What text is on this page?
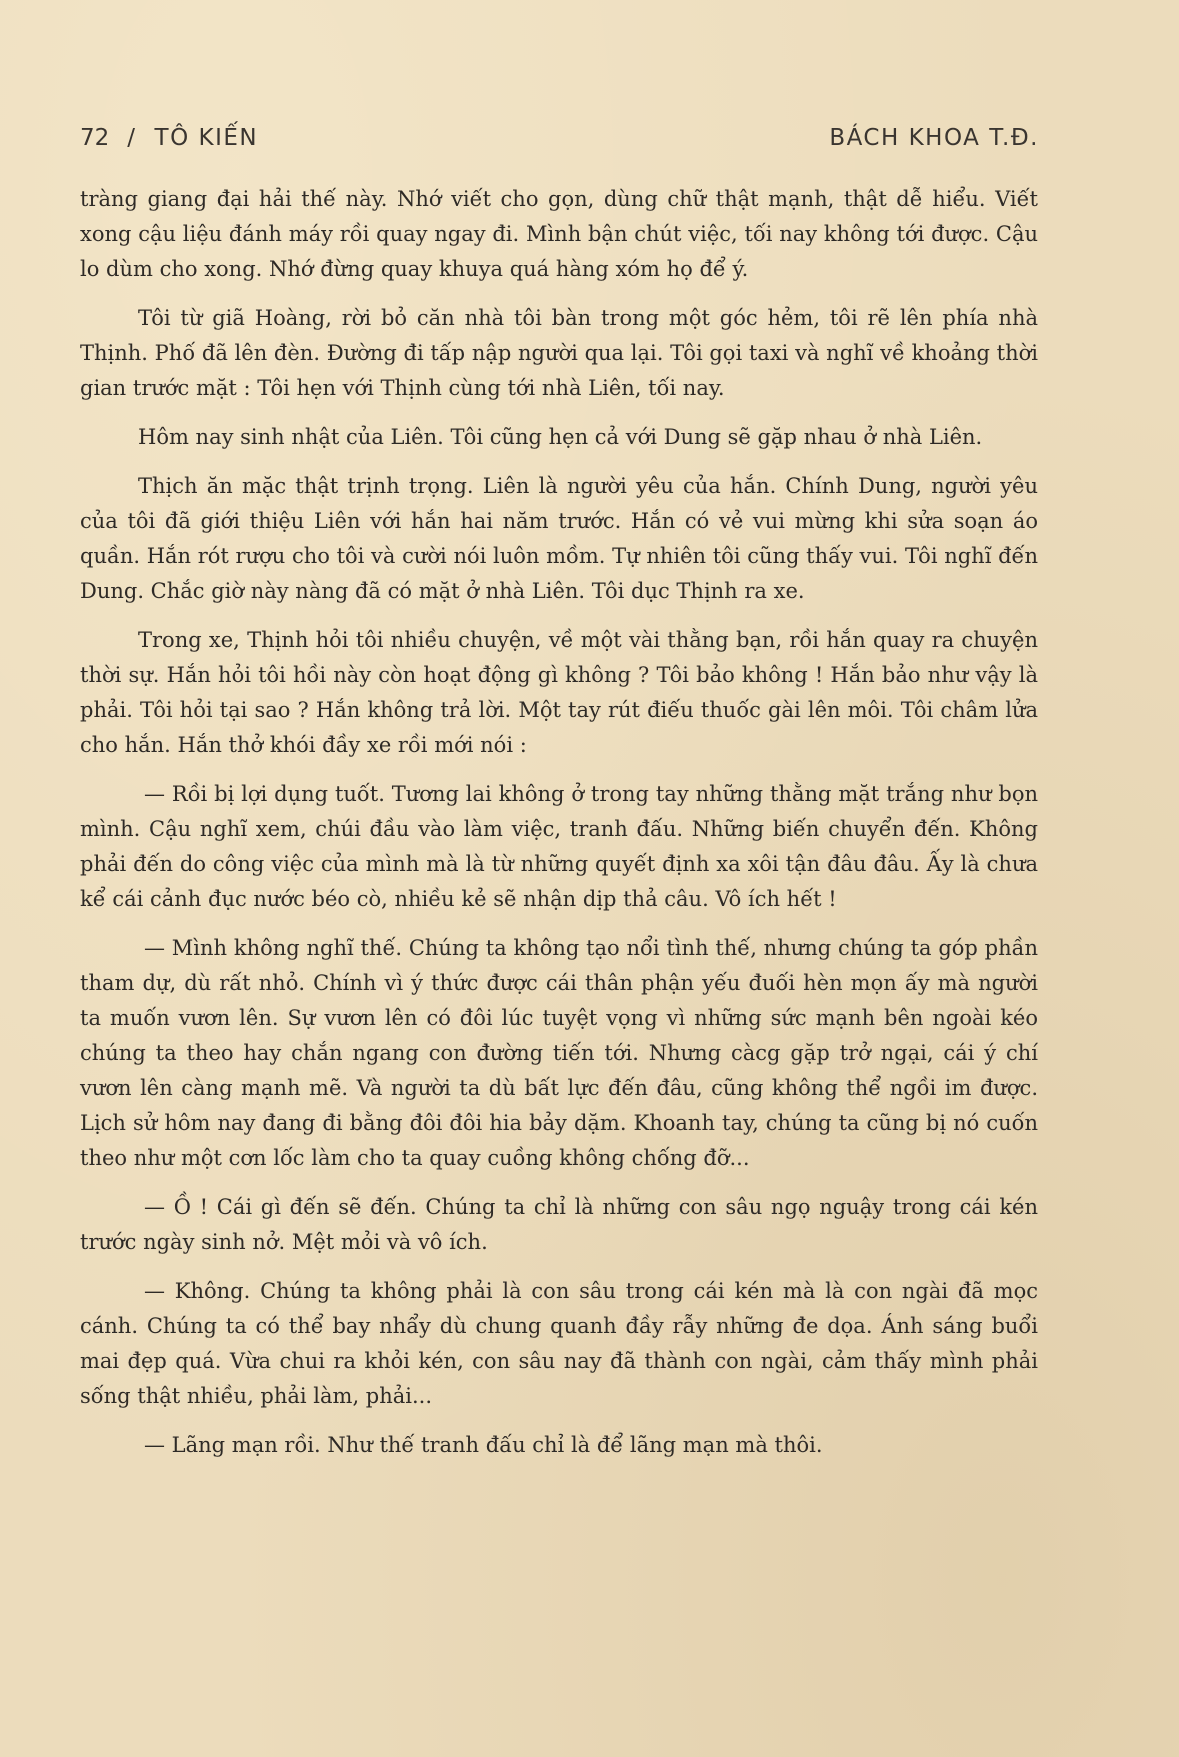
72 / TÔ KIẾN	BÁCH KHOA T.Đ.

tràng giang đại hải thế này. Nhớ viết cho gọn, dùng chữ thật mạnh, thật dễ hiểu. Viết xong cậu liệu đánh máy rồi quay ngay đi. Mình bận chút việc, tối nay không tới được. Cậu lo dùm cho xong. Nhớ đừng quay khuya quá hàng xóm họ để ý.

Tôi từ giã Hoàng, rời bỏ căn nhà tôi bàn trong một góc hẻm, tôi rẽ lên phía nhà Thịnh. Phố đã lên đèn. Đường đi tấp nập người qua lại. Tôi gọi taxi và nghĩ về khoảng thời gian trước mặt : Tôi hẹn với Thịnh cùng tới nhà Liên, tối nay.

Hôm nay sinh nhật của Liên. Tôi cũng hẹn cả với Dung sẽ gặp nhau ở nhà Liên.

Thịch ăn mặc thật trịnh trọng. Liên là người yêu của hắn. Chính Dung, người yêu của tôi đã giới thiệu Liên với hắn hai năm trước. Hắn có vẻ vui mừng khi sửa soạn áo quần. Hắn rót rượu cho tôi và cười nói luôn mồm. Tự nhiên tôi cũng thấy vui. Tôi nghĩ đến Dung. Chắc giờ này nàng đã có mặt ở nhà Liên. Tôi dục Thịnh ra xe.

Trong xe, Thịnh hỏi tôi nhiều chuyện, về một vài thằng bạn, rồi hắn quay ra chuyện thời sự. Hắn hỏi tôi hồi này còn hoạt động gì không ? Tôi bảo không ! Hắn bảo như vậy là phải. Tôi hỏi tại sao ? Hắn không trả lời. Một tay rút điếu thuốc gài lên môi. Tôi châm lửa cho hắn. Hắn thở khói đầy xe rồi mới nói :

— Rồi bị lợi dụng tuốt. Tương lai không ở trong tay những thằng mặt trắng như bọn mình. Cậu nghĩ xem, chúi đầu vào làm việc, tranh đấu. Những biến chuyển đến. Không phải đến do công việc của mình mà là từ những quyết định xa xôi tận đâu đâu. Ấy là chưa kể cái cảnh đục nước béo cò, nhiều kẻ sẽ nhận dịp thả câu. Vô ích hết !

— Mình không nghĩ thế. Chúng ta không tạo nổi tình thế, nhưng chúng ta góp phần tham dự, dù rất nhỏ. Chính vì ý thức được cái thân phận yếu đuối hèn mọn ấy mà người ta muốn vươn lên. Sự vươn lên có đôi lúc tuyệt vọng vì những sức mạnh bên ngoài kéo chúng ta theo hay chắn ngang con đường tiến tới. Nhưng càcg gặp trở ngại, cái ý chí vươn lên càng mạnh mẽ. Và người ta dù bất lực đến đâu, cũng không thể ngồi im được. Lịch sử hôm nay đang đi bằng đôi đôi hia bảy dặm. Khoanh tay, chúng ta cũng bị nó cuốn theo như một cơn lốc làm cho ta quay cuồng không chống đỡ...

— Ồ ! Cái gì đến sẽ đến. Chúng ta chỉ là những con sâu ngọ nguậy trong cái kén trước ngày sinh nở. Mệt mỏi và vô ích.

— Không. Chúng ta không phải là con sâu trong cái kén mà là con ngài đã mọc cánh. Chúng ta có thể bay nhẩy dù chung quanh đầy rẫy những đe dọa. Ánh sáng buổi mai đẹp quá. Vừa chui ra khỏi kén, con sâu nay đã thành con ngài, cảm thấy mình phải sống thật nhiều, phải làm, phải...

— Lãng mạn rồi. Như thế tranh đấu chỉ là để lãng mạn mà thôi.
